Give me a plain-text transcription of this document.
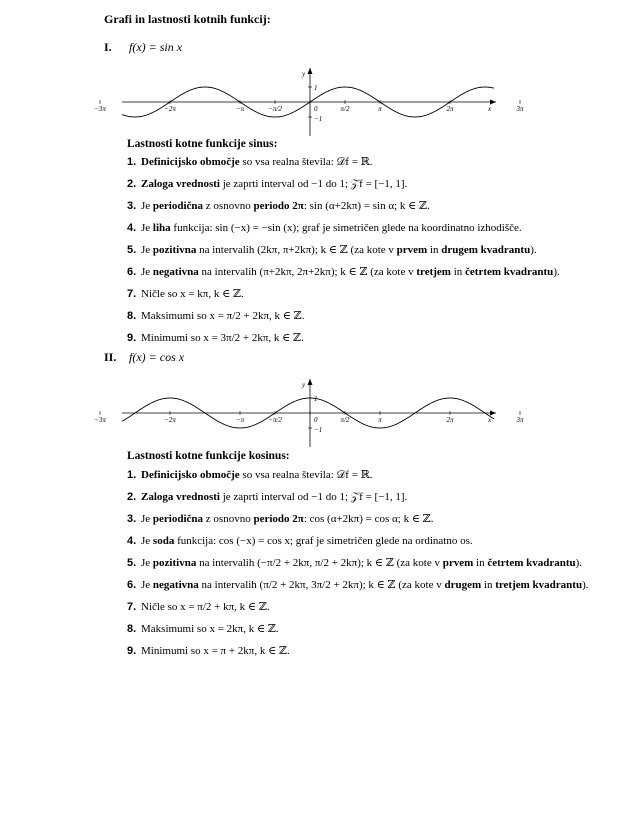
Grafi in lastnosti kotnih funkcij:
I. f(x) = sin x
−3π	−2π	−π	−π/2	0	π/2	π	2π	3π
1
−1
y
x
Lastnosti kotne funkcije sinus:
1. Definicijsko območje so vsa realna števila: 𝒟f = ℝ.
2. Zaloga vrednosti je zaprti interval od −1 do 1; 𝒵f = [−1, 1].
3. Je periodična z osnovno periodo 2π: sin (α+2kπ) = sin α; k ∈ ℤ.
4. Je liha funkcija: sin (−x) = −sin (x); graf je simetričen glede na koordinatno izhodišče.
5. Je pozitivna na intervalih (2kπ, π+2kπ); k ∈ ℤ (za kote v prvem in drugem kvadrantu).
6. Je negativna na intervalih (π+2kπ, 2π+2kπ); k ∈ ℤ (za kote v tretjem in četrtem kvadrantu).
7. Ničle so x = kπ, k ∈ ℤ.
8. Maksimumi so x = π/2 + 2kπ, k ∈ ℤ.
9. Minimumi so x = 3π/2 + 2kπ, k ∈ ℤ.
II. f(x) = cos x
−3π	−2π	−π	−π/2	0	π/2	π	2π	3π
1
−1
y
x
Lastnosti kotne funkcije kosinus:
1. Definicijsko območje so vsa realna števila: 𝒟f = ℝ.
2. Zaloga vrednosti je zaprti interval od −1 do 1; 𝒵f = [−1, 1].
3. Je periodična z osnovno periodo 2π: cos (α+2kπ) = cos α; k ∈ ℤ.
4. Je soda funkcija: cos (−x) = cos x; graf je simetričen glede na ordinatno os.
5. Je pozitivna na intervalih (−π/2 + 2kπ, π/2 + 2kπ); k ∈ ℤ (za kote v prvem in četrtem kvadrantu).
6. Je negativna na intervalih (π/2 + 2kπ, 3π/2 + 2kπ); k ∈ ℤ (za kote v drugem in tretjem kvadrantu).
7. Ničle so x = π/2 + kπ, k ∈ ℤ.
8. Maksimumi so x = 2kπ, k ∈ ℤ.
9. Minimumi so x = π + 2kπ, k ∈ ℤ.
